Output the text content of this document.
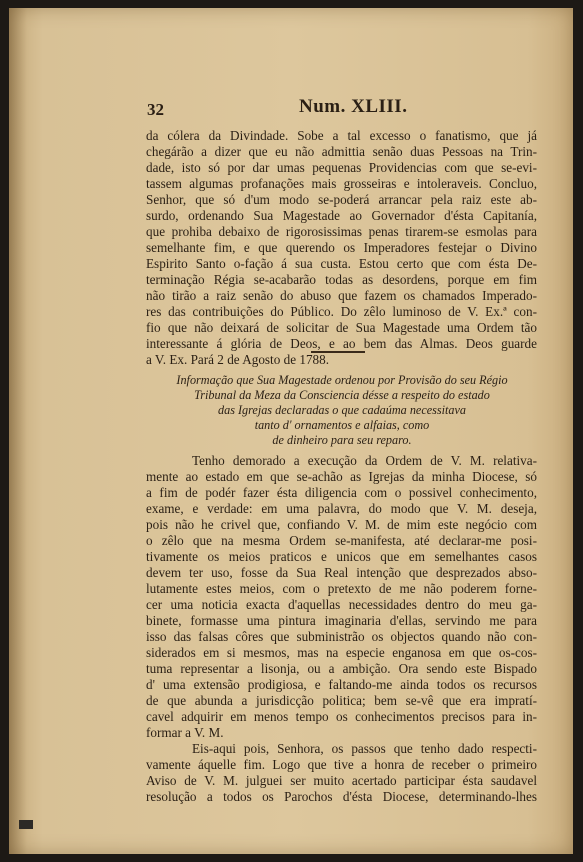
32	Num. XLIII.
da cólera da Divindade. Sobe a tal excesso o fanatismo, que já
chegárão a dizer que eu não admittia senão duas Pessoas na Trin-
dade, isto só por dar umas pequenas Providencias com que se-evi-
tassem algumas profanações mais grosseiras e intoleraveis. Concluo,
Senhor, que só d'um modo se-poderá arrancar pela raiz este ab-
surdo, ordenando Sua Magestade ao Governador d'ésta Capitanía,
que prohiba debaixo de rigorosissimas penas tirarem-se esmolas para
semelhante fim, e que querendo os Imperadores festejar o Divino
Espirito Santo o-fação á sua custa. Estou certo que com ésta De-
terminação Régia se-acabarão todas as desordens, porque em fim
não tirão a raiz senão do abuso que fazem os chamados Imperado-
res das contribuições do Público. Do zêlo luminoso de V. Ex.ª con-
fio que não deixará de solicitar de Sua Magestade uma Ordem tão
interessante á glória de Deos, e ao bem das Almas. Deos guarde
a V. Ex. Pará 2 de Agosto de 1788.
Informação que Sua Magestade ordenou por Provisão do seu Régio
Tribunal da Meza da Consciencia désse a respeito do estado
das Igrejas declaradas o que cadaúma necessitava
tanto d' ornamentos e alfaias, como
de dinheiro para seu reparo.
Tenho demorado a execução da Ordem de V. M. relativa-
mente ao estado em que se-achão as Igrejas da minha Diocese, só
a fim de podér fazer ésta diligencia com o possivel conhecimento,
exame, e verdade: em uma palavra, do modo que V. M. deseja,
pois não he crivel que, confiando V. M. de mim este negócio com
o zêlo que na mesma Ordem se-manifesta, até declarar-me posi-
tivamente os meios praticos e unicos que em semelhantes casos
devem ter uso, fosse da Sua Real intenção que desprezados abso-
lutamente estes meios, com o pretexto de me não poderem forne-
cer uma noticia exacta d'aquellas necessidades dentro do meu ga-
binete, formasse uma pintura imaginaria d'ellas, servindo me para
isso das falsas côres que subministrão os objectos quando não con-
siderados em si mesmos, mas na especie enganosa em que os-cos-
tuma representar a lisonja, ou a ambição. Ora sendo este Bispado
d' uma extensão prodigiosa, e faltando-me ainda todos os recursos
de que abunda a jurisdicção politica; bem se-vê que era impratí-
cavel adquirir em menos tempo os conhecimentos precisos para in-
formar a V. M.
Eis-aqui pois, Senhora, os passos que tenho dado respecti-
vamente áquelle fim. Logo que tive a honra de receber o primeiro
Aviso de V. M. julguei ser muito acertado participar ésta saudavel
resolução a todos os Parochos d'ésta Diocese, determinando-lhes
